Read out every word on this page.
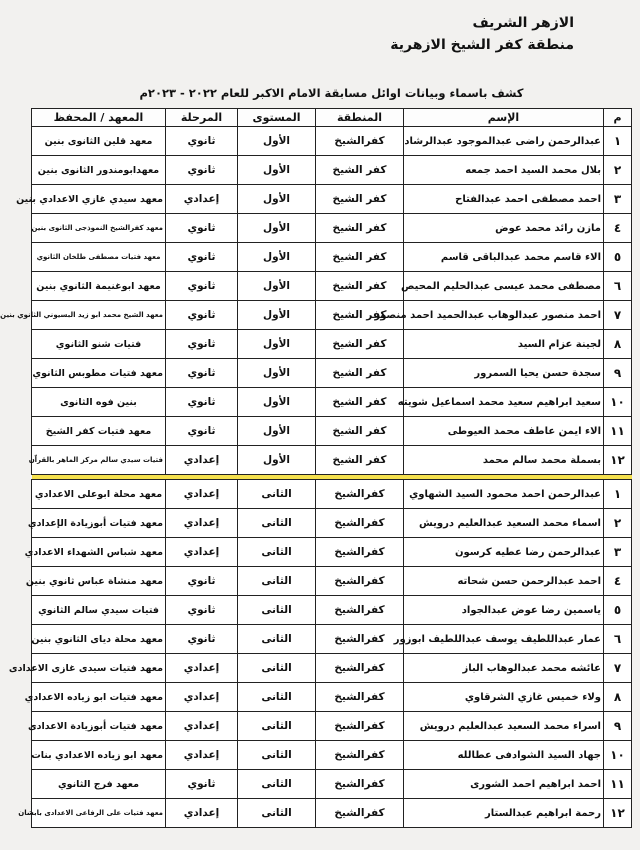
الازهر الشريف
منطقة كفر الشيخ الازهرية
كشف باسماء وبيانات اوائل مسابقة الامام الاكبر للعام ٢٠٢٢ - ٢٠٢٣م
م	الإسم	المنطقة	المستوى	المرحلة	المعهد / المحفظ
١	عبدالرحمن راضى عبدالموجود عبدالرشاد	كفرالشيخ	الأول	ثانوي	معهد قلين الثانوى بنين
٢	بلال محمد السيد احمد جمعه	كفر الشيخ	الأول	ثانوي	معهدابومندور الثانوى بنين
٣	احمد مصطفى احمد عبدالفتاح	كفر الشيخ	الأول	إعدادي	معهد سيدي غازي الاعدادي بنين
٤	مازن رائد محمد عوض	كفر الشيخ	الأول	ثانوي	معهد كفرالشيخ النموذجى الثانوى بنين
٥	الاء قاسم محمد عبدالباقى قاسم	كفر الشيخ	الأول	ثانوي	معهد فتيات مصطفى طلخان الثانوي
٦	مصطفى محمد عيسى عبدالحليم المحيص	كفر الشيخ	الأول	ثانوي	معهد ابوغنيمة الثانوي بنين
٧	احمد منصور عبدالوهاب عبدالحميد احمد منصور	كفر الشيخ	الأول	ثانوي	معهد الشيخ محمد ابو زيد البسيوني الثانوي بنين
٨	لجينة عزام السيد	كفر الشيخ	الأول	ثانوي	فتيات شنو الثانوي
٩	سجدة حسن يحيا السمرور	كفر الشيخ	الأول	ثانوي	معهد فتيات مطوبس الثانوي
١٠	سعيد ابراهيم سعيد محمد اسماعيل شويته	كفر الشيخ	الأول	ثانوي	بنين فوه الثانوى
١١	الاء ايمن عاطف محمد العيوطى	كفر الشيخ	الأول	ثانوي	معهد فتيات كفر الشيخ
١٢	بسملة محمد سالم محمد	كفر الشيخ	الأول	إعدادي	فتيات سيدي سالم مركز الماهر بالقراّن

١	عبدالرحمن احمد محمود السيد الشهاوي	كفرالشيخ	الثانى	إعدادي	معهد محلة ابوعلى الاعدادي
٢	اسماء محمد السعيد عبدالعليم درويش	كفرالشيخ	الثانى	إعدادي	معهد فتيات أبوزيادة الإعدادي
٣	عبدالرحمن رضا عطيه كرسون	كفرالشيخ	الثانى	إعدادي	معهد شباس الشهداء الاعدادي
٤	احمد عبدالرحمن حسن شحاته	كفرالشيخ	الثانى	ثانوي	معهد منشاة عباس ثانوي بنين
٥	ياسمين رضا عوض عبدالجواد	كفرالشيخ	الثانى	ثانوي	فتيات سيدي سالم الثانوي
٦	عمار عبداللطيف يوسف عبداللطيف ابوزور	كفرالشيخ	الثانى	ثانوي	معهد محلة دياى الثانوي بنين
٧	عائشه محمد عبدالوهاب الباز	كفرالشيخ	الثانى	إعدادي	معهد فتيات سيدى غازى الاعدادى
٨	ولاء خميس غازي الشرقاوي	كفرالشيخ	الثانى	إعدادي	معهد فتيات ابو زياده الاعدادي
٩	اسراء محمد السعيد عبدالعليم درويش	كفرالشيخ	الثانى	إعدادي	معهد فتيات أبوزيادة الاعدادى
١٠	جهاد السيد الشوادفى عطالله	كفرالشيخ	الثانى	إعدادي	معهد ابو زياده الاعدادي بنات
١١	احمد ابراهيم احمد الشورى	كفرالشيخ	الثانى	ثانوي	معهد فرج الثانوي
١٢	رحمة ابراهيم عبدالستار	كفرالشيخ	الثانى	إعدادي	معهد فتيات على الرفاعى الاعدادى بابشان
